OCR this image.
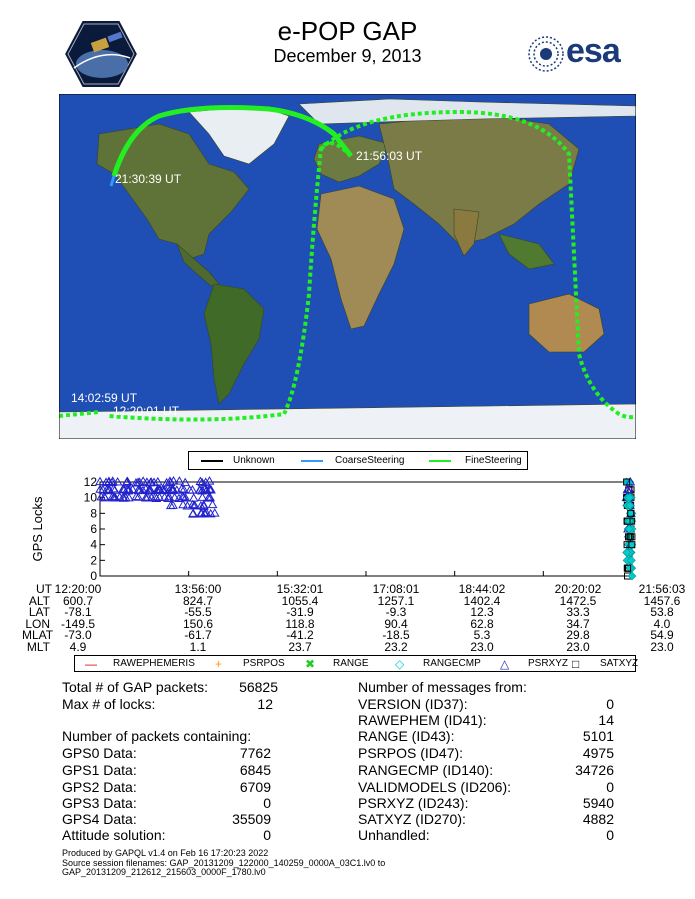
e-POP GAP
December 9, 2013	esa
21:30:39 UT
21:56:03 UT
14:02:59 UT
12:20:01 UT
Unknown	CoarseSteering	FineSteering
0
2
4
6
8
10
12
GPS Locks
UT 12:20:00	13:56:00	15:32:01	17:08:01	18:44:02	20:20:02	21:56:03
ALT	600.7	824.7	1055.4	1257.1	1402.4	1472.5	1457.6
LAT	-78.1	-55.5	-31.9	-9.3	12.3	33.3	53.8
LON -149.5	150.6	118.8	90.4	62.8	34.7	4.0
MLAT -73.0	-61.7	-41.2	-18.5	5.3	29.8	54.9
MLT	4.9	1.1	23.7	23.2	23.0	23.0	23.0
— RAWEPHEMERIS + PSRPOS ✖ RANGE ◇ RANGECMP △ PSRXYZ □ SATXYZ
Total # of GAP packets:	56825
Max # of locks:	12
Number of packets containing:
GPS0 Data:	7762
GPS1 Data:	6845
GPS2 Data:	6709
GPS3 Data:	0
GPS4 Data:	35509
Attitude solution:	0
Number of messages from:
VERSION (ID37):	0
RAWEPHEM (ID41):	14
RANGE (ID43):	5101
PSRPOS (ID47):	4975
RANGECMP (ID140):	34726
VALIDMODELS (ID206):	0
PSRXYZ (ID243):	5940
SATXYZ (ID270):	4882
Unhandled:	0
Produced by GAPQL v1.4 on Feb 16 17:20:23 2022
Source session filenames: GAP_20131209_122000_140259_0000A_03C1.lv0 to
GAP_20131209_212612_215603_0000F_1780.lv0
